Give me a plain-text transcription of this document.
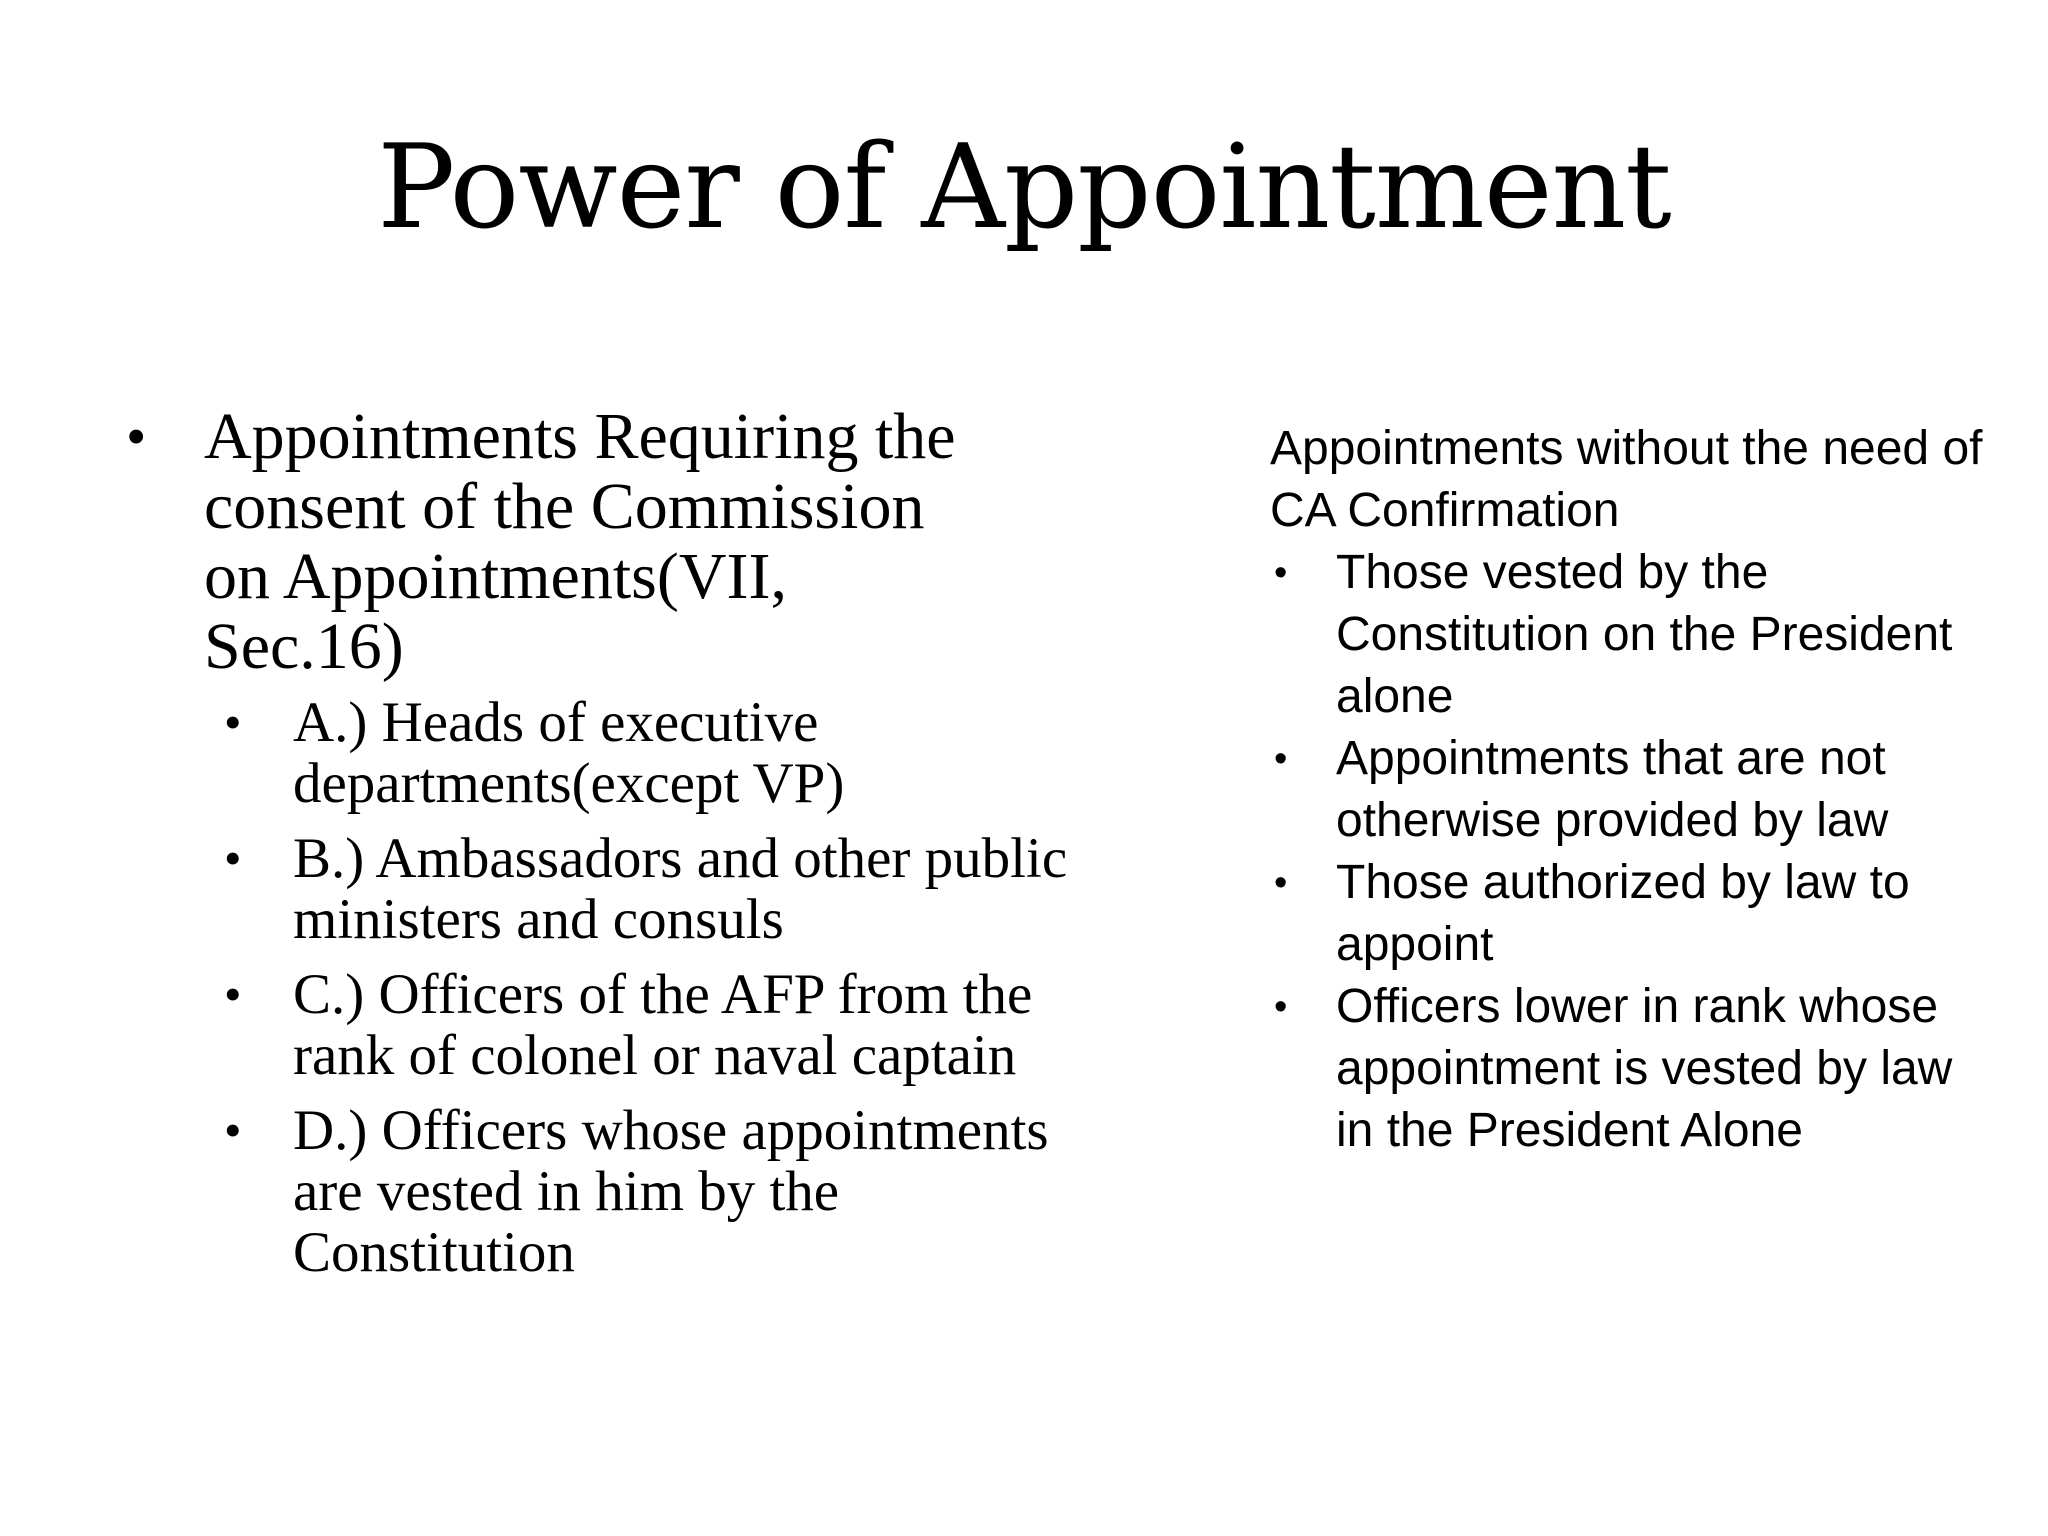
Power of Appointment
• Appointments Requiring the consent of the Commission on Appointments(VII, Sec.16)
• A.) Heads of executive departments(except VP)
• B.) Ambassadors and other public ministers and consuls
• C.) Officers of the AFP from the rank of colonel or naval captain
• D.) Officers whose appointments are vested in him by the Constitution
Appointments without the need of CA Confirmation
• Those vested by the Constitution on the President alone
• Appointments that are not otherwise provided by law
• Those authorized by law to appoint
• Officers lower in rank whose appointment is vested by law in the President Alone
